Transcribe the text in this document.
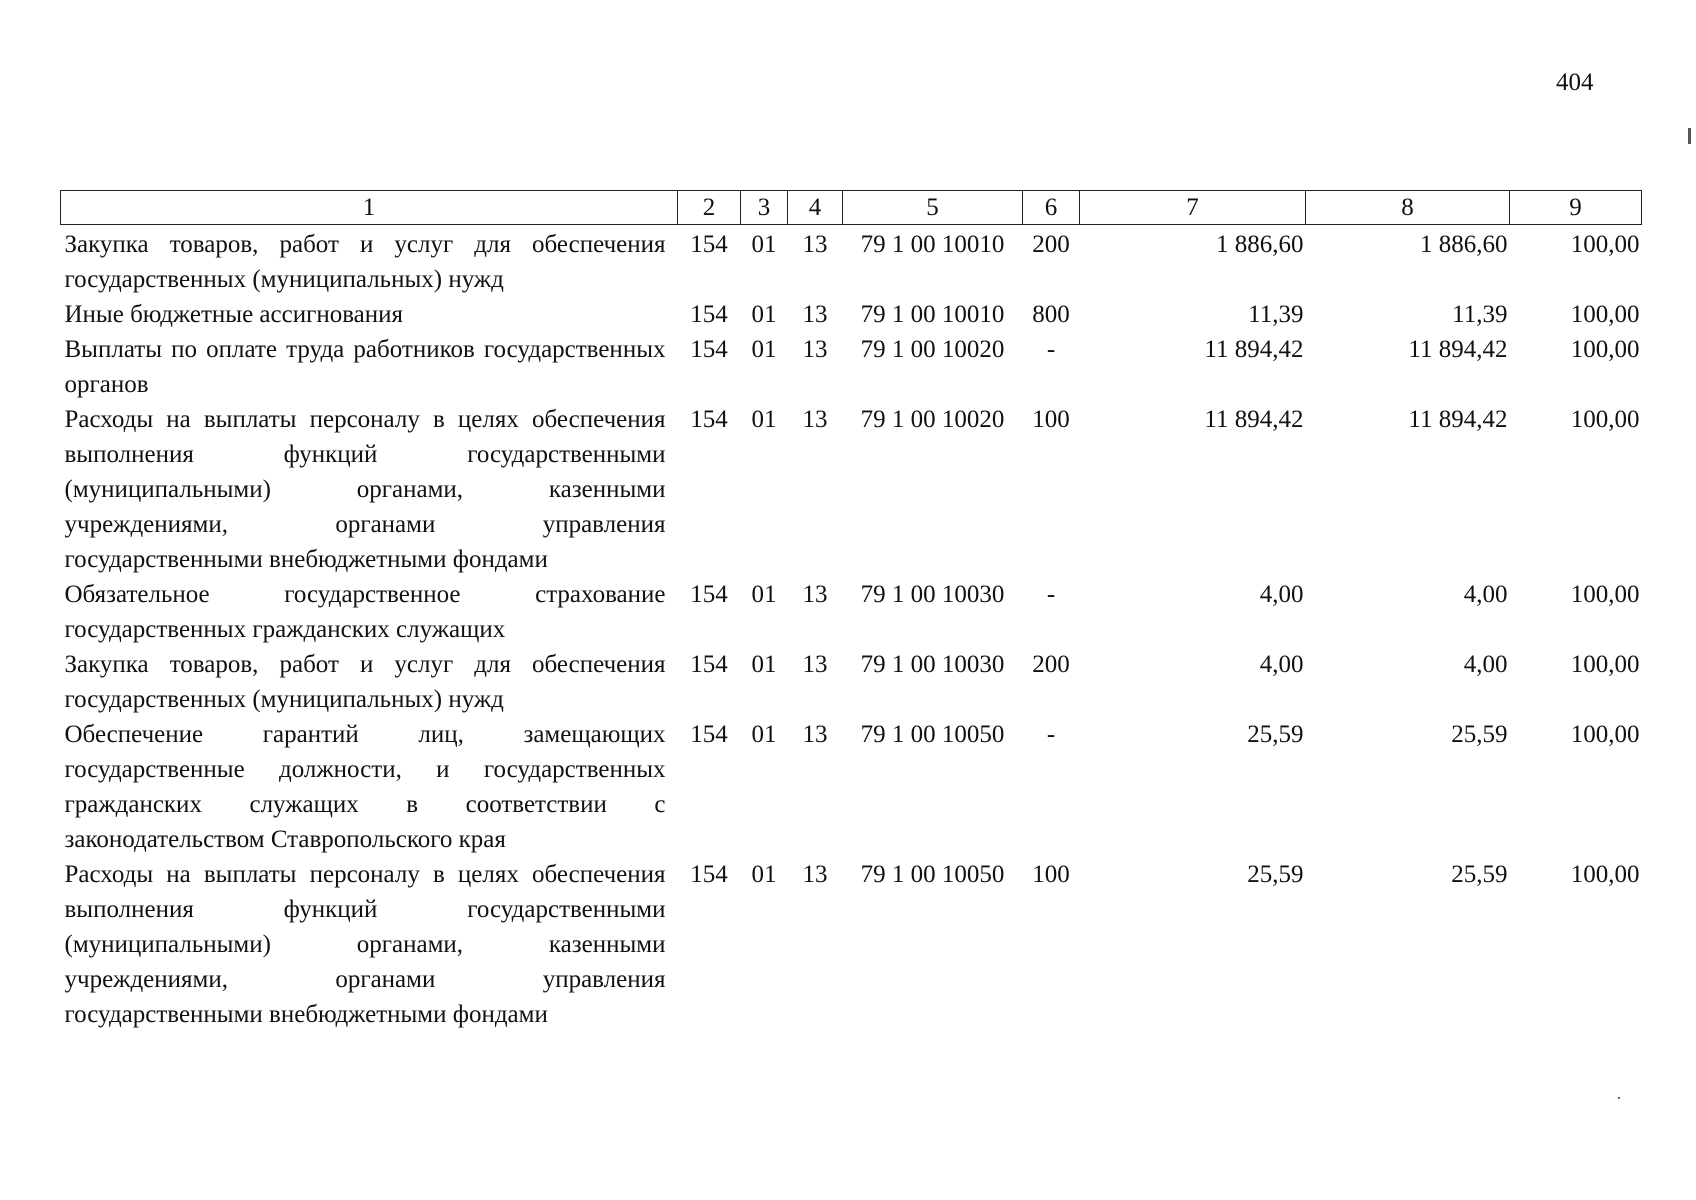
404
1	2	3	4	5	6	7	8	9
Закупка товаров, работ и услуг для обеспечения государственных (муниципальных) нужд	154	01	13	79 1 00 10010	200	1 886,60	1 886,60	100,00
Иные бюджетные ассигнования	154	01	13	79 1 00 10010	800	11,39	11,39	100,00
Выплаты по оплате труда работников государственных органов	154	01	13	79 1 00 10020	-	11 894,42	11 894,42	100,00
Расходы на выплаты персоналу в целях обеспечения выполнения функций государственными (муниципальными) органами, казенными учреждениями, органами управления государственными внебюджетными фондами	154	01	13	79 1 00 10020	100	11 894,42	11 894,42	100,00
Обязательное государственное страхование государственных гражданских служащих	154	01	13	79 1 00 10030	-	4,00	4,00	100,00
Закупка товаров, работ и услуг для обеспечения государственных (муниципальных) нужд	154	01	13	79 1 00 10030	200	4,00	4,00	100,00
Обеспечение гарантий лиц, замещающих государственные должности, и государственных гражданских служащих в соответствии с законодательством Ставропольского края	154	01	13	79 1 00 10050	-	25,59	25,59	100,00
Расходы на выплаты персоналу в целях обеспечения выполнения функций государственными (муниципальными) органами, казенными учреждениями, органами управления государственными внебюджетными фондами	154	01	13	79 1 00 10050	100	25,59	25,59	100,00
